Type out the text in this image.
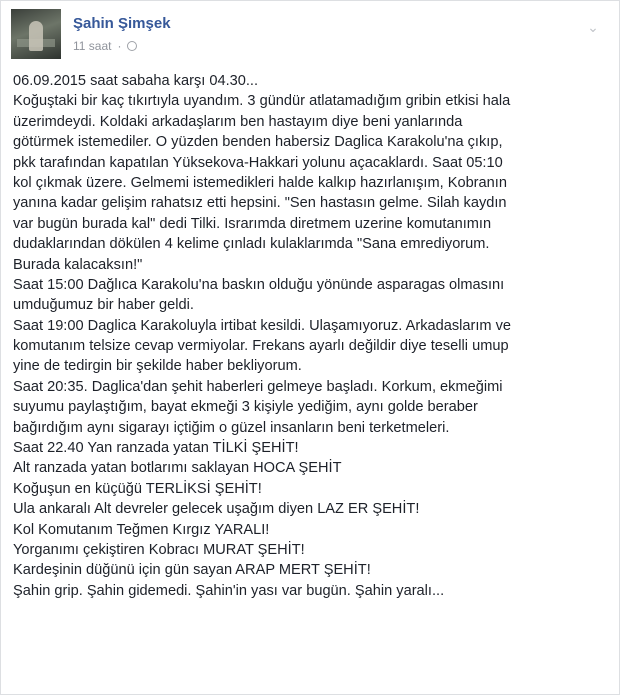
Şahin Şimşek
11 saat ·
⌄
06.09.2015 saat sabaha karşı 04.30...
Koğuştaki bir kaç tıkırtıyla uyandım. 3 gündür atlatamadığım gribin etkisi hala
üzerimdeydi. Koldaki arkadaşlarım ben hastayım diye beni yanlarında
götürmek istemediler. O yüzden benden habersiz Daglica Karakolu'na çıkıp,
pkk tarafından kapatılan Yüksekova-Hakkari yolunu açacaklardı. Saat 05:10
kol çıkmak üzere. Gelmemi istemedikleri halde kalkıp hazırlanışım, Kobranın
yanına kadar gelişim rahatsız etti hepsini. "Sen hastasın gelme. Silah kaydın
var bugün burada kal" dedi Tilki. Israrımda diretmem uzerine komutanımın
dudaklarından dökülen 4 kelime çınladı kulaklarımda "Sana emrediyorum.
Burada kalacaksın!"
Saat 15:00 Dağlıca Karakolu'na baskın olduğu yönünde asparagas olmasını
umduğumuz bir haber geldi.
Saat 19:00 Daglica Karakoluyla irtibat kesildi. Ulaşamıyoruz. Arkadaslarım ve
komutanım telsize cevap vermiyolar. Frekans ayarlı değildir diye teselli umup
yine de tedirgin bir şekilde haber bekliyorum.
Saat 20:35. Daglica'dan şehit haberleri gelmeye başladı. Korkum, ekmeğimi
suyumu paylaştığım, bayat ekmeği 3 kişiyle yediğim, aynı golde beraber
bağırdığım aynı sigarayı içtiğim o güzel insanların beni terketmeleri.
Saat 22.40 Yan ranzada yatan TİLKİ ŞEHİT!
Alt ranzada yatan botlarımı saklayan HOCA ŞEHİT
Koğuşun en küçüğü TERLİKSİ ŞEHİT!
Ula ankaralı Alt devreler gelecek uşağım diyen LAZ ER ŞEHİT!
Kol Komutanım Teğmen Kırgız YARALI!
Yorganımı çekiştiren Kobracı MURAT ŞEHİT!
Kardeşinin düğünü için gün sayan ARAP MERT ŞEHİT!
Şahin grip. Şahin gidemedi. Şahin'in yası var bugün. Şahin yaralı...
